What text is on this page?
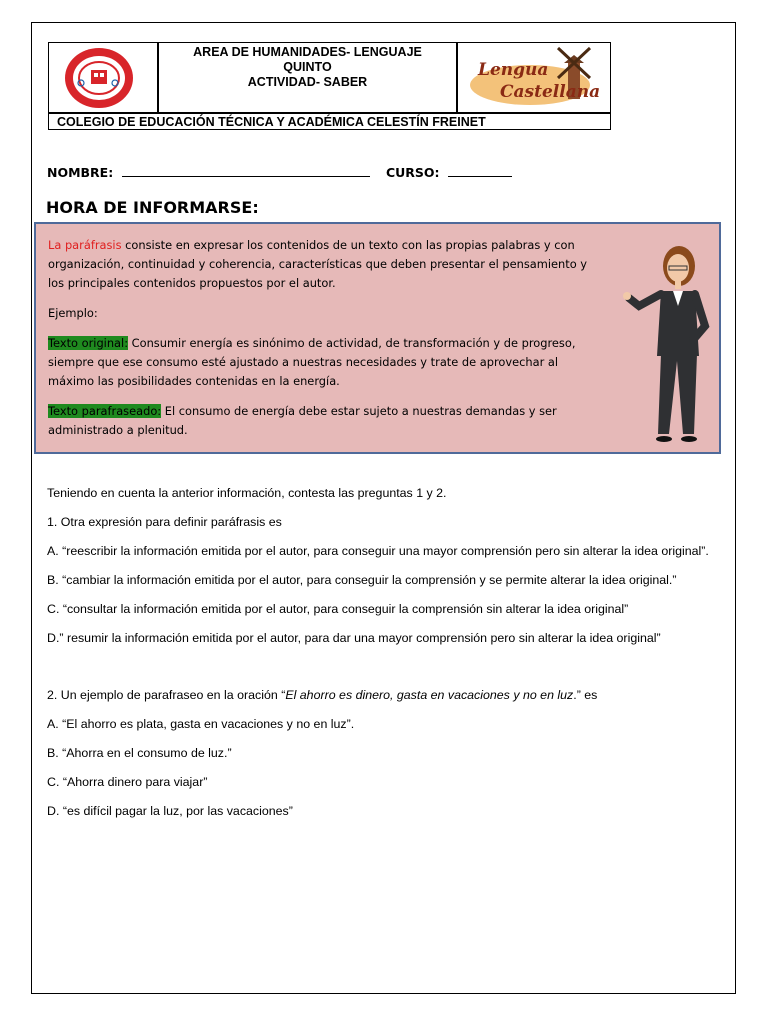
AREA DE HUMANIDADES- LENGUAJE
QUINTO
ACTIVIDAD- SABER
Lengua
Castellana
COLEGIO DE EDUCACIÓN TÉCNICA Y ACADÉMICA CELESTÍN FREINET
NOMBRE:	CURSO:
HORA DE INFORMARSE:

La paráfrasis consiste en expresar los contenidos de un texto con las propias palabras y con organización, continuidad y coherencia, características que deben presentar el pensamiento y los principales contenidos propuestos por el autor.

Ejemplo:

Texto original: Consumir energía es sinónimo de actividad, de transformación y de progreso, siempre que ese consumo esté ajustado a nuestras necesidades y trate de aprovechar al máximo las posibilidades contenidas en la energía.

Texto parafraseado: El consumo de energía debe estar sujeto a nuestras demandas y ser administrado a plenitud.

Teniendo en cuenta la anterior información, contesta las preguntas 1 y 2.

1. Otra expresión para definir paráfrasis es

A. “reescribir la información emitida por el autor, para conseguir una mayor comprensión pero sin alterar la idea original”.

B. “cambiar la información emitida por el autor, para conseguir la comprensión y se permite alterar la idea original.”

C. “consultar la información emitida por el autor, para conseguir la comprensión sin alterar la idea original”

D.” resumir la información emitida por el autor, para dar una mayor comprensión pero sin alterar la idea original”

2. Un ejemplo de parafraseo en la oración “El ahorro es dinero, gasta en vacaciones y no en luz.” es

A. “El ahorro es plata, gasta en vacaciones y no en luz”.

B. “Ahorra en el consumo de luz.”

C. “Ahorra dinero para viajar”

D. “es difícil pagar la luz, por las vacaciones”
